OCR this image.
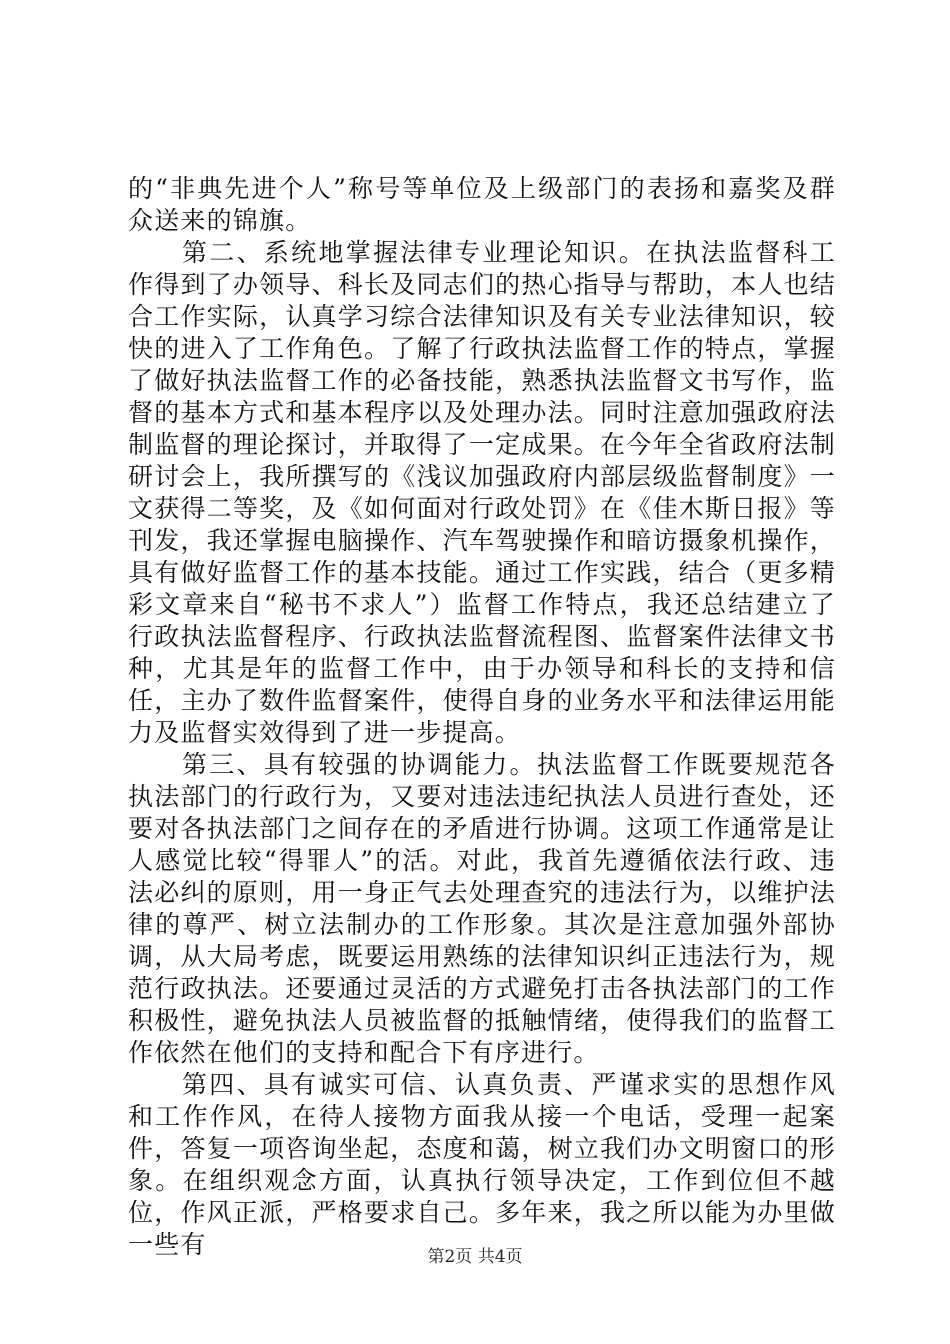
的“非典先进个人”称号等单位及上级部门的表扬和嘉奖及群众送来的锦旗。

第二、系统地掌握法律专业理论知识。在执法监督科工作得到了办领导、科长及同志们的热心指导与帮助，本人也结合工作实际，认真学习综合法律知识及有关专业法律知识，较快的进入了工作角色。了解了行政执法监督工作的特点，掌握了做好执法监督工作的必备技能，熟悉执法监督文书写作，监督的基本方式和基本程序以及处理办法。同时注意加强政府法制监督的理论探讨，并取得了一定成果。在今年全省政府法制研讨会上，我所撰写的《浅议加强政府内部层级监督制度》一文获得二等奖，及《如何面对行政处罚》在《佳木斯日报》等刊发，我还掌握电脑操作、汽车驾驶操作和暗访摄象机操作，具有做好监督工作的基本技能。通过工作实践，结合（更多精彩文章来自“秘书不求人”）监督工作特点，我还总结建立了行政执法监督程序、行政执法监督流程图、监督案件法律文书种，尤其是年的监督工作中，由于办领导和科长的支持和信任，主办了数件监督案件，使得自身的业务水平和法律运用能力及监督实效得到了进一步提高。

第三、具有较强的协调能力。执法监督工作既要规范各执法部门的行政行为，又要对违法违纪执法人员进行查处，还要对各执法部门之间存在的矛盾进行协调。这项工作通常是让人感觉比较“得罪人”的活。对此，我首先遵循依法行政、违法必纠的原则，用一身正气去处理查究的违法行为，以维护法律的尊严、树立法制办的工作形象。其次是注意加强外部协调，从大局考虑，既要运用熟练的法律知识纠正违法行为，规范行政执法。还要通过灵活的方式避免打击各执法部门的工作积极性，避免执法人员被监督的抵触情绪，使得我们的监督工作依然在他们的支持和配合下有序进行。

第四、具有诚实可信、认真负责、严谨求实的思想作风和工作作风，在待人接物方面我从接一个电话，受理一起案件，答复一项咨询坐起，态度和蔼，树立我们办文明窗口的形象。在组织观念方面，认真执行领导决定，工作到位但不越位，作风正派，严格要求自己。多年来，我之所以能为办里做一些有	第2页 共4页
